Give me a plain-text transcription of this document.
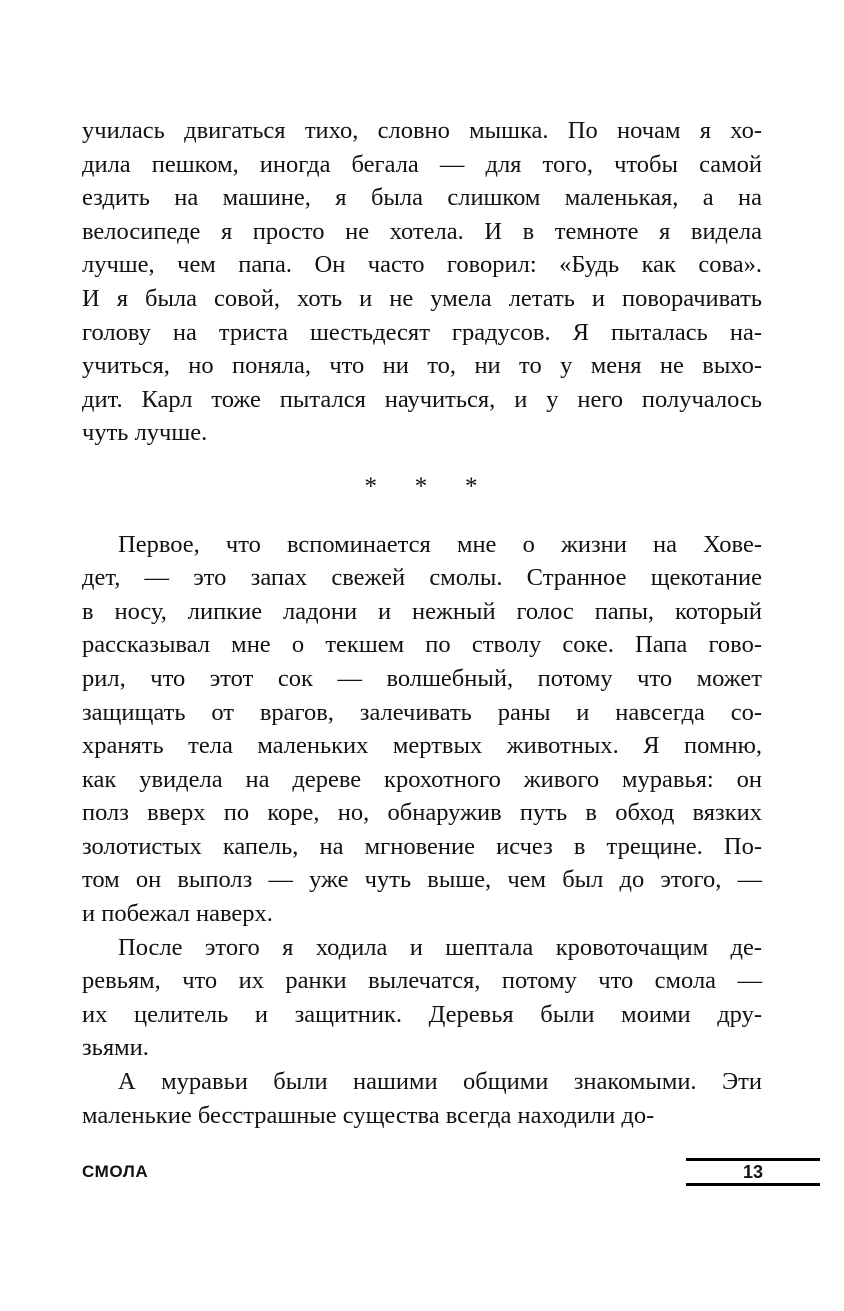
училась двигаться тихо, словно мышка. По ночам я хо-
дила пешком, иногда бегала — для того, чтобы самой
ездить на машине, я была слишком маленькая, а на
велосипеде я просто не хотела. И в темноте я видела
лучше, чем папа. Он часто говорил: «Будь как сова».
И я была совой, хоть и не умела летать и поворачивать
голову на триста шестьдесят градусов. Я пыталась на-
учиться, но поняла, что ни то, ни то у меня не выхо-
дит. Карл тоже пытался научиться, и у него получалось
чуть лучше.
* * *
Первое, что вспоминается мне о жизни на Хове-
дет, — это запах свежей смолы. Странное щекотание
в носу, липкие ладони и нежный голос папы, который
рассказывал мне о текшем по стволу соке. Папа гово-
рил, что этот сок — волшебный, потому что может
защищать от врагов, залечивать раны и навсегда со-
хранять тела маленьких мертвых животных. Я помню,
как увидела на дереве крохотного живого муравья: он
полз вверх по коре, но, обнаружив путь в обход вязких
золотистых капель, на мгновение исчез в трещине. По-
том он выполз — уже чуть выше, чем был до этого, —
и побежал наверх.
После этого я ходила и шептала кровоточащим де-
ревьям, что их ранки вылечатся, потому что смола —
их целитель и защитник. Деревья были моими дру-
зьями.
А муравьи были нашими общими знакомыми. Эти
маленькие бесстрашные существа всегда находили до-
СМОЛА	13
